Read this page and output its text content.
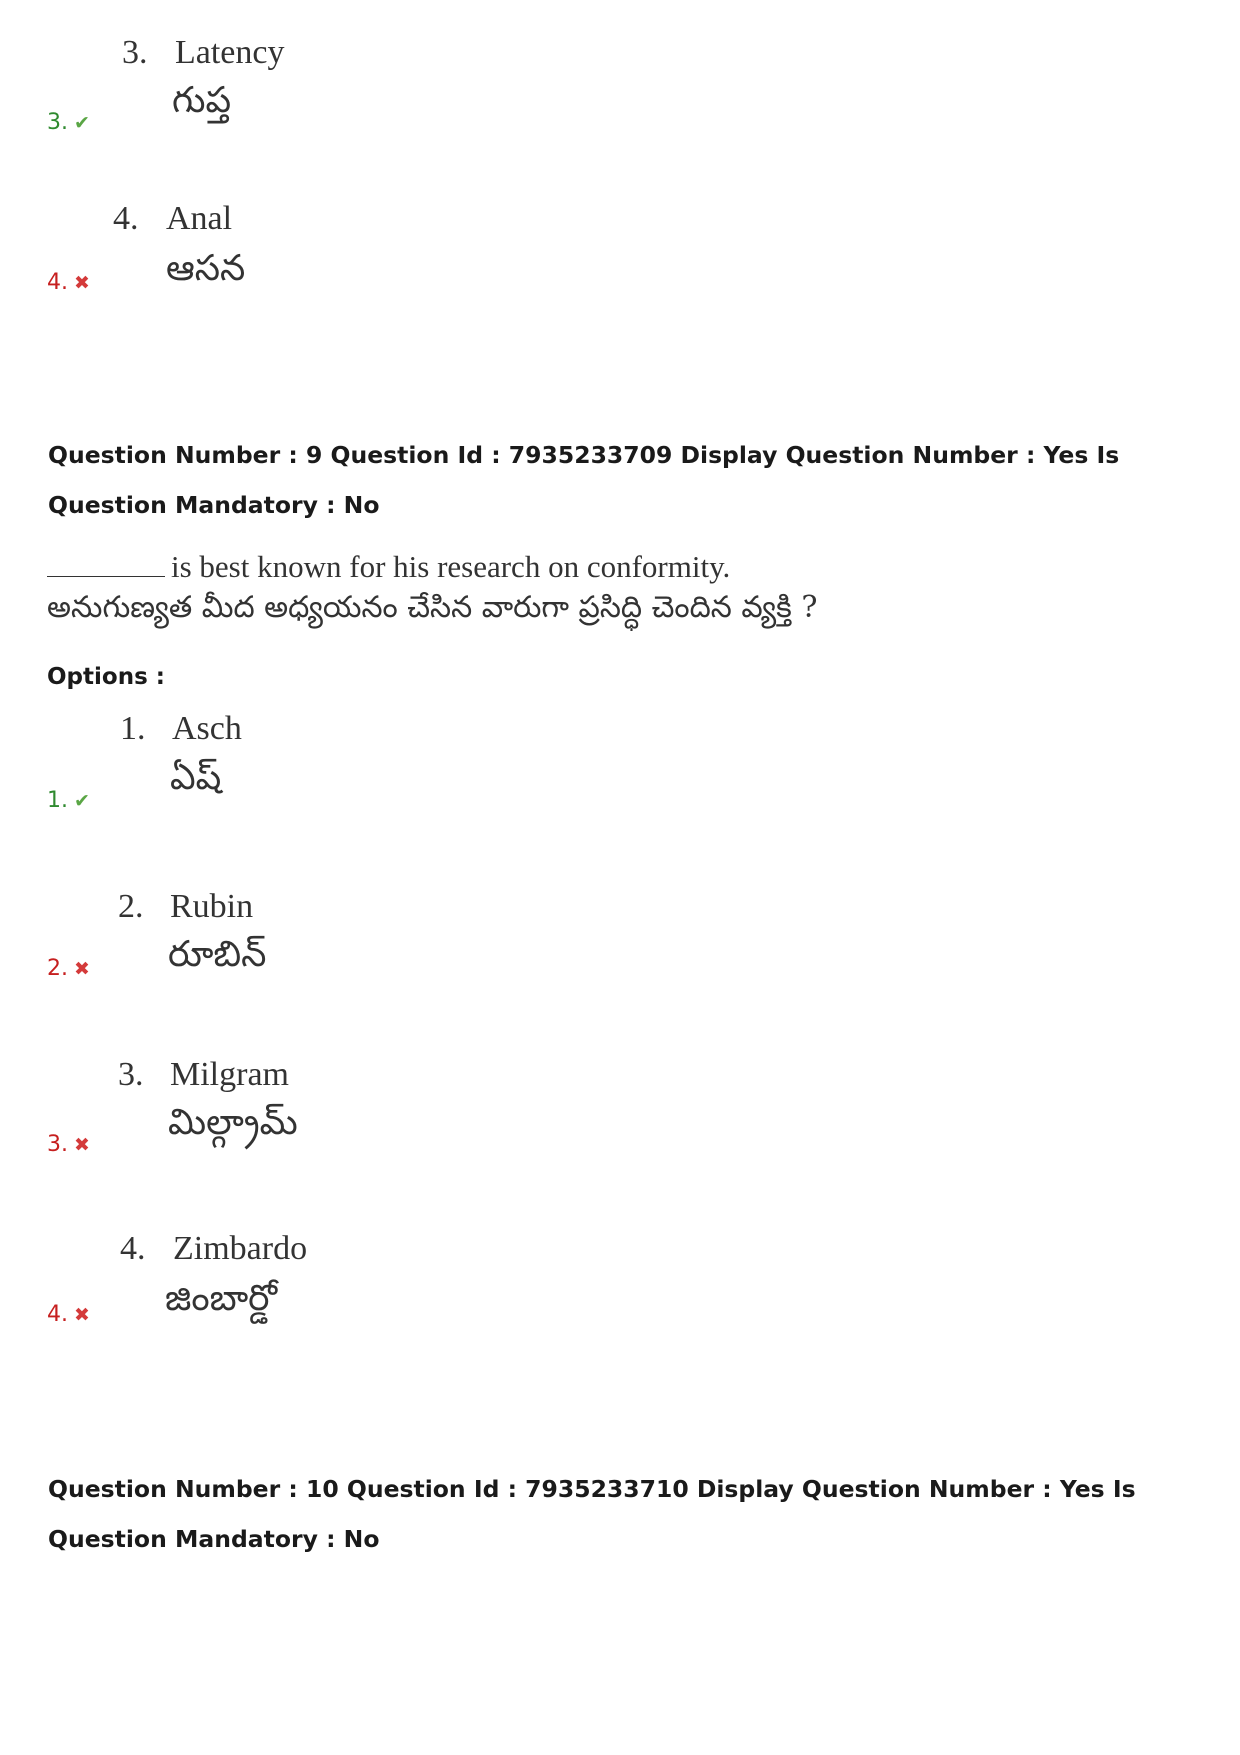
3. Latency
గుప్త
3. ✔
4. Anal
ఆసన
4. ✖
Question Number : 9 Question Id : 7935233709 Display Question Number : Yes Is Question Mandatory : No
is best known for his research on conformity.
అనుగుణ్యత మీద అధ్యయనం చేసిన వారుగా ప్రసిద్ధి చెందిన వ్యక్తి ?
Options :
1. Asch
ఏష్
1. ✔
2. Rubin
రూబిన్
2. ✖
3. Milgram
మిల్గ్రామ్
3. ✖
4. Zimbardo
జింబార్డో
4. ✖
Question Number : 10 Question Id : 7935233710 Display Question Number : Yes Is Question Mandatory : No
